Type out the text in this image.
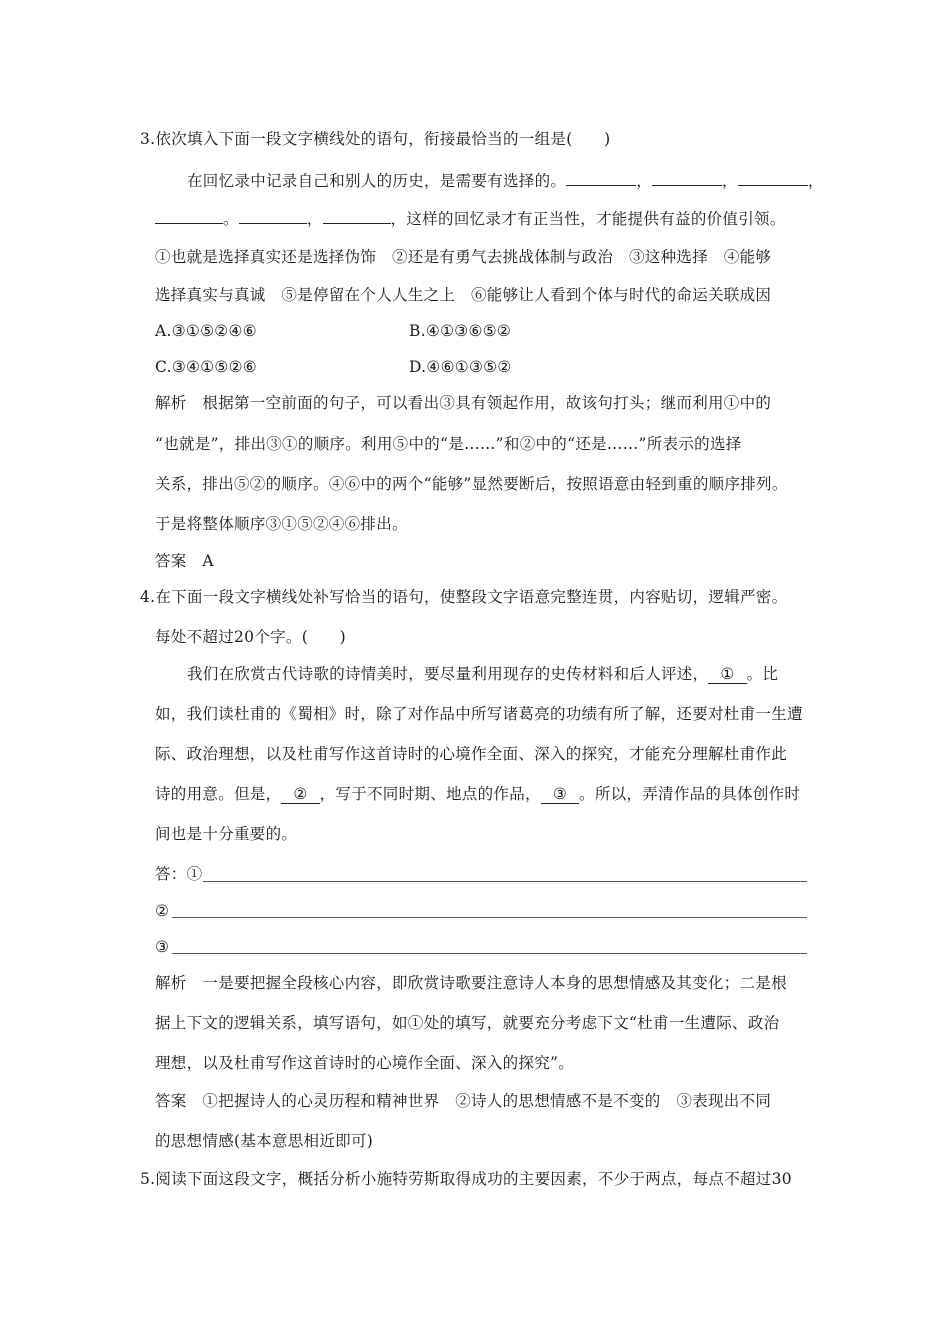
3.依次填入下面一段文字横线处的语句，衔接最恰当的一组是(　　)
在回忆录中记录自己和别人的历史，是需要有选择的。	，	，	，
。	，	，这样的回忆录才有正当性，才能提供有益的价值引领。
①也就是选择真实还是选择伪饰　②还是有勇气去挑战体制与政治　③这种选择　④能够
选择真实与真诚　⑤是停留在个人人生之上　⑥能够让人看到个体与时代的命运关联成因
A.③①⑤②④⑥	B.④①③⑥⑤②
C.③④①⑤②⑥	D.④⑥①③⑤②
解析　根据第一空前面的句子，可以看出③具有领起作用，故该句打头；继而利用①中的
“也就是”，排出③①的顺序。利用⑤中的“是……”和②中的“还是……”所表示的选择
关系，排出⑤②的顺序。④⑥中的两个“能够”显然要断后，按照语意由轻到重的顺序排列。
于是将整体顺序③①⑤②④⑥排出。
答案　A
4.在下面一段文字横线处补写恰当的语句，使整段文字语意完整连贯，内容贴切，逻辑严密。
每处不超过20个字。(　　)
我们在欣赏古代诗歌的诗情美时，要尽量利用现存的史传材料和后人评述， ① 。比
如，我们读杜甫的《蜀相》时，除了对作品中所写诸葛亮的功绩有所了解，还要对杜甫一生遭
际、政治理想，以及杜甫写作这首诗时的心境作全面、深入的探究，才能充分理解杜甫作此
诗的用意。但是， ② ，写于不同时期、地点的作品， ③ 。所以，弄清作品的具体创作时
间也是十分重要的。
答：①
②
③
解析　一是要把握全段核心内容，即欣赏诗歌要注意诗人本身的思想情感及其变化；二是根
据上下文的逻辑关系，填写语句，如①处的填写，就要充分考虑下文“杜甫一生遭际、政治
理想，以及杜甫写作这首诗时的心境作全面、深入的探究”。
答案　①把握诗人的心灵历程和精神世界　②诗人的思想情感不是不变的　③表现出不同
的思想情感(基本意思相近即可)
5.阅读下面这段文字，概括分析小施特劳斯取得成功的主要因素，不少于两点，每点不超过30
